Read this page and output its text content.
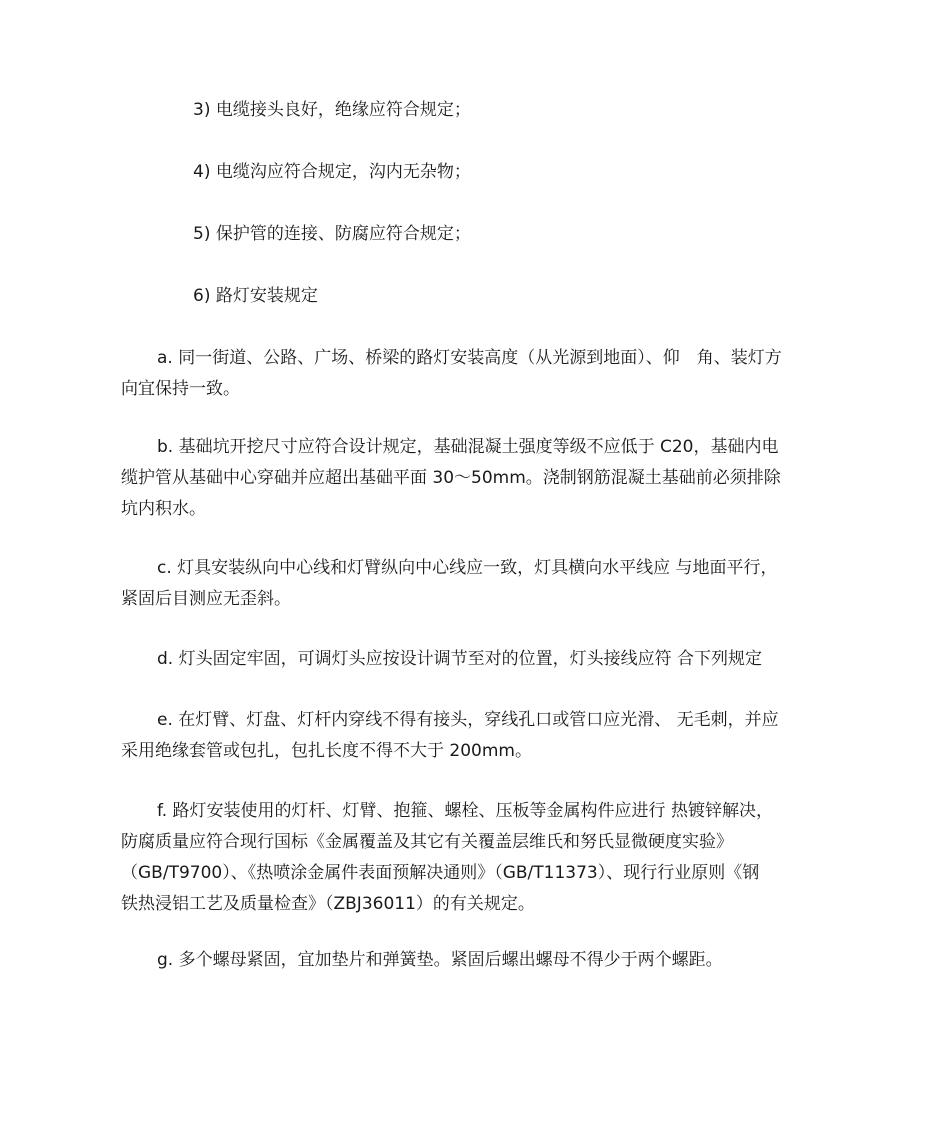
3) 电缆接头良好，绝缘应符合规定；
4) 电缆沟应符合规定，沟内无杂物；
5) 保护管的连接、防腐应符合规定；
6) 路灯安装规定
a. 同一街道、公路、广场、桥梁的路灯安装高度（从光源到地面）、仰　角、装灯方
向宜保持一致。
b. 基础坑开挖尺寸应符合设计规定，基础混凝土强度等级不应低于 C20，基础内电
缆护管从基础中心穿础并应超出基础平面 30～50mm。浇制钢筋混凝土基础前必须排除
坑内积水。
c. 灯具安装纵向中心线和灯臂纵向中心线应一致，灯具横向水平线应 与地面平行，
紧固后目测应无歪斜。
d. 灯头固定牢固，可调灯头应按设计调节至对的位置，灯头接线应符 合下列规定
e. 在灯臂、灯盘、灯杆内穿线不得有接头，穿线孔口或管口应光滑、 无毛刺，并应
采用绝缘套管或包扎，包扎长度不得不大于 200mm。
f. 路灯安装使用的灯杆、灯臂、抱箍、螺栓、压板等金属构件应进行 热镀锌解决，
防腐质量应符合现行国标《金属覆盖及其它有关覆盖层维氏和努氏显微硬度实验》
（GB/T9700）、《热喷涂金属件表面预解决通则》（GB/T11373）、现行行业原则《钢
铁热浸铝工艺及质量检查》（ZBJ36011）的有关规定。
g. 多个螺母紧固，宜加垫片和弹簧垫。紧固后螺出螺母不得少于两个螺距。
